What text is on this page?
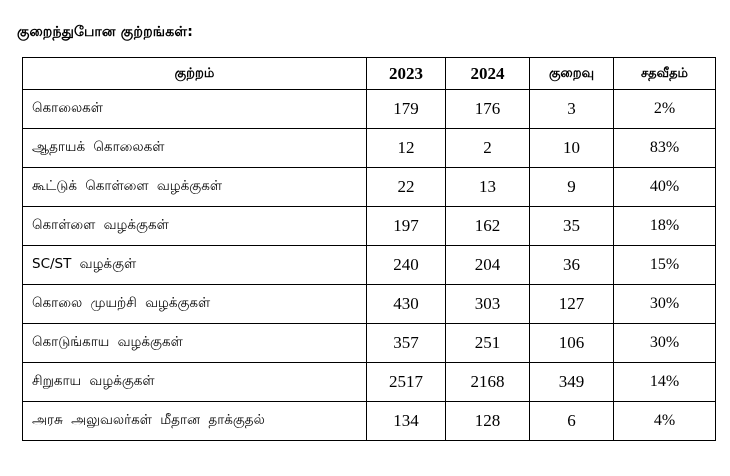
குறைந்துபோன குற்றங்கள்:
குற்றம்	2023	2024	குறைவு	சதவீதம்
கொலைகள்	179	176	3	2%
ஆதாயக் கொலைகள்	12	2	10	83%
கூட்டுக் கொள்ளை வழக்குகள்	22	13	9	40%
கொள்ளை வழக்குகள்	197	162	35	18%
SC/ST வழக்குள்	240	204	36	15%
கொலை முயற்சி வழக்குகள்	430	303	127	30%
கொடுங்காய வழக்குகள்	357	251	106	30%
சிறுகாய வழக்குகள்	2517	2168	349	14%
அரசு அலுவலர்கள் மீதான தாக்குதல்	134	128	6	4%
